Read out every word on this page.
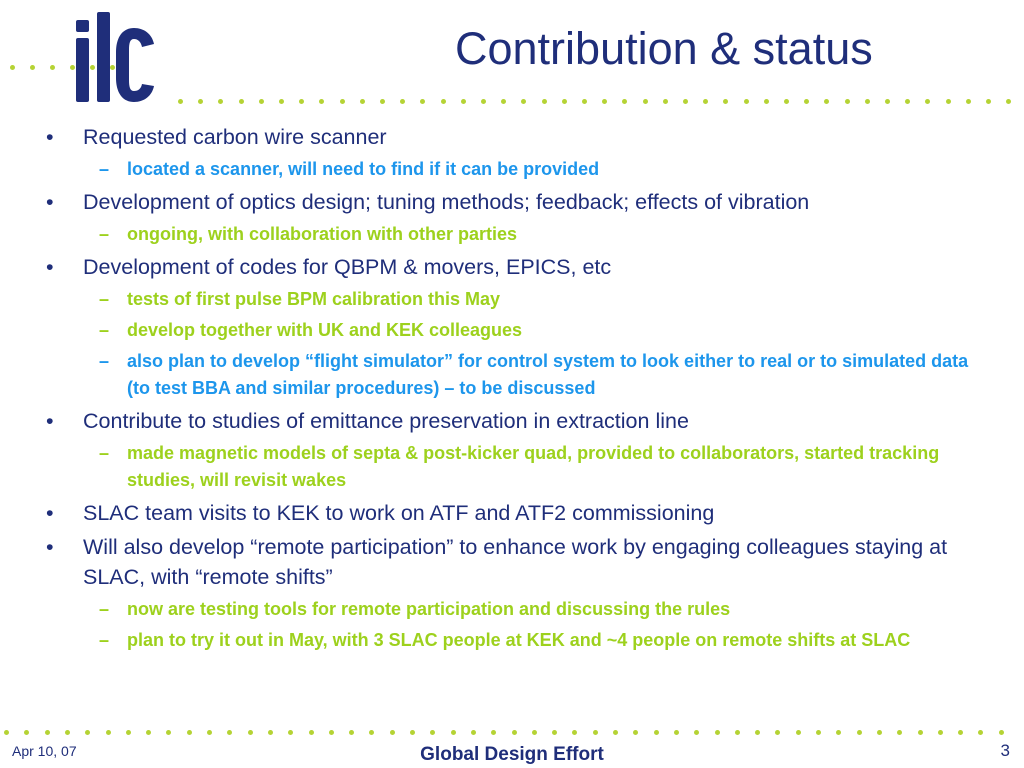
Contribution & status
• Requested carbon wire scanner
– located a scanner, will need to find if it can be provided
• Development of optics design; tuning methods; feedback; effects of vibration
– ongoing, with collaboration with other parties
• Development of codes for QBPM & movers, EPICS, etc
– tests of first pulse BPM calibration this May
– develop together with UK and KEK colleagues
– also plan to develop “flight simulator” for control system to look either to real or to simulated data (to test BBA and similar procedures) – to be discussed
• Contribute to studies of emittance preservation in extraction line
– made magnetic models of septa & post-kicker quad, provided to collaborators, started tracking studies, will revisit wakes
• SLAC team visits to KEK to work on ATF and ATF2 commissioning
• Will also develop “remote participation” to enhance work by engaging colleagues staying at SLAC, with “remote shifts”
– now are testing tools for remote participation and discussing the rules
– plan to try it out in May, with 3 SLAC people at KEK and ~4 people on remote shifts at SLAC
Apr 10, 07	Global Design Effort	3
